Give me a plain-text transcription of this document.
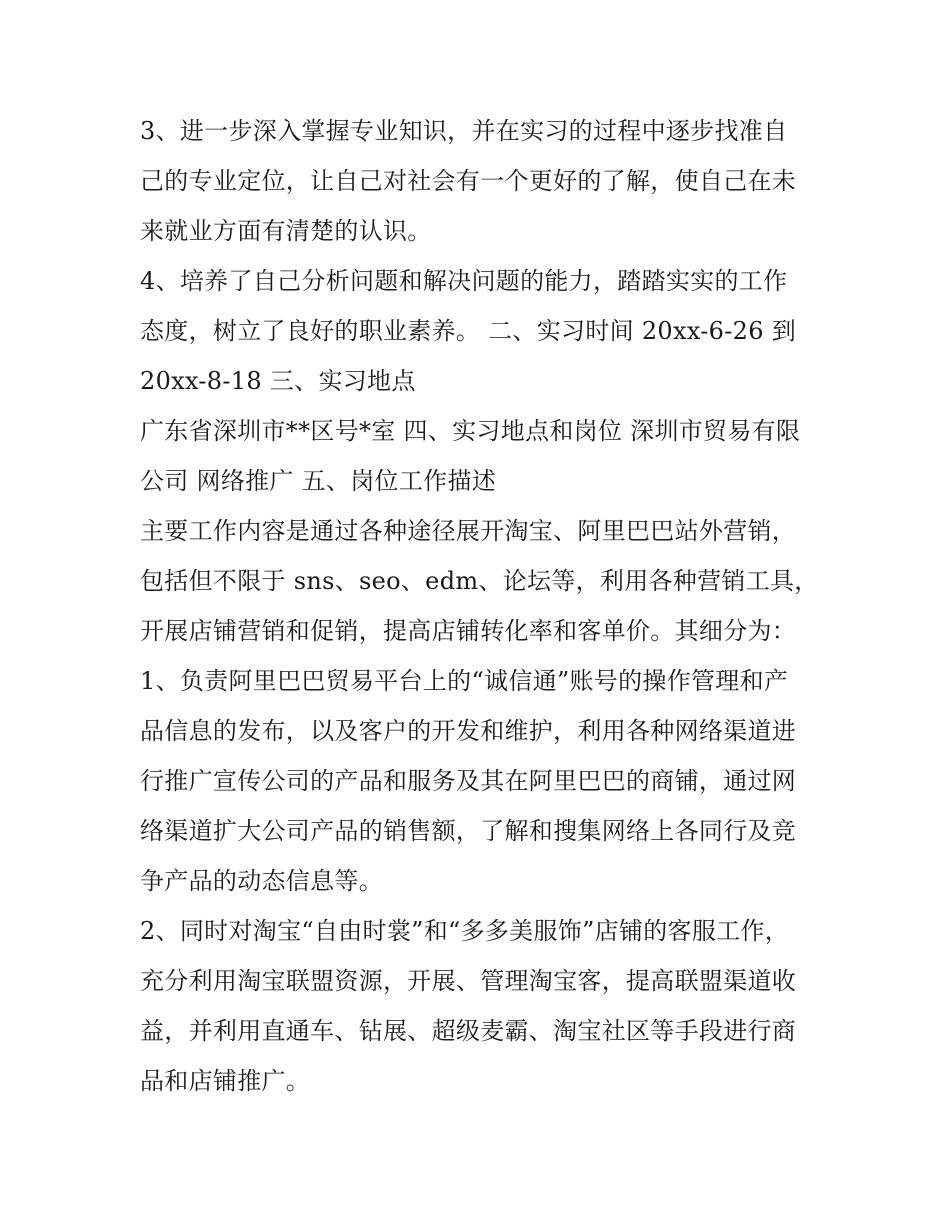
3、进一步深入掌握专业知识，并在实习的过程中逐步找准自
己的专业定位，让自己对社会有一个更好的了解，使自己在未
来就业方面有清楚的认识。
4、培养了自己分析问题和解决问题的能力，踏踏实实的工作
态度，树立了良好的职业素养。 二、实习时间 20xx-6-26 到
20xx-8-18 三、实习地点
广东省深圳市**区号*室 四、实习地点和岗位 深圳市贸易有限
公司 网络推广 五、岗位工作描述
主要工作内容是通过各种途径展开淘宝、阿里巴巴站外营销，
包括但不限于 sns、seo、edm、论坛等，利用各种营销工具，
开展店铺营销和促销，提高店铺转化率和客单价。其细分为：
1、负责阿里巴巴贸易平台上的“诚信通”账号的操作管理和产
品信息的发布，以及客户的开发和维护，利用各种网络渠道进
行推广宣传公司的产品和服务及其在阿里巴巴的商铺，通过网
络渠道扩大公司产品的销售额，了解和搜集网络上各同行及竞
争产品的动态信息等。
2、同时对淘宝“自由时裳”和“多多美服饰”店铺的客服工作，
充分利用淘宝联盟资源，开展、管理淘宝客，提高联盟渠道收
益，并利用直通车、钻展、超级麦霸、淘宝社区等手段进行商
品和店铺推广。
